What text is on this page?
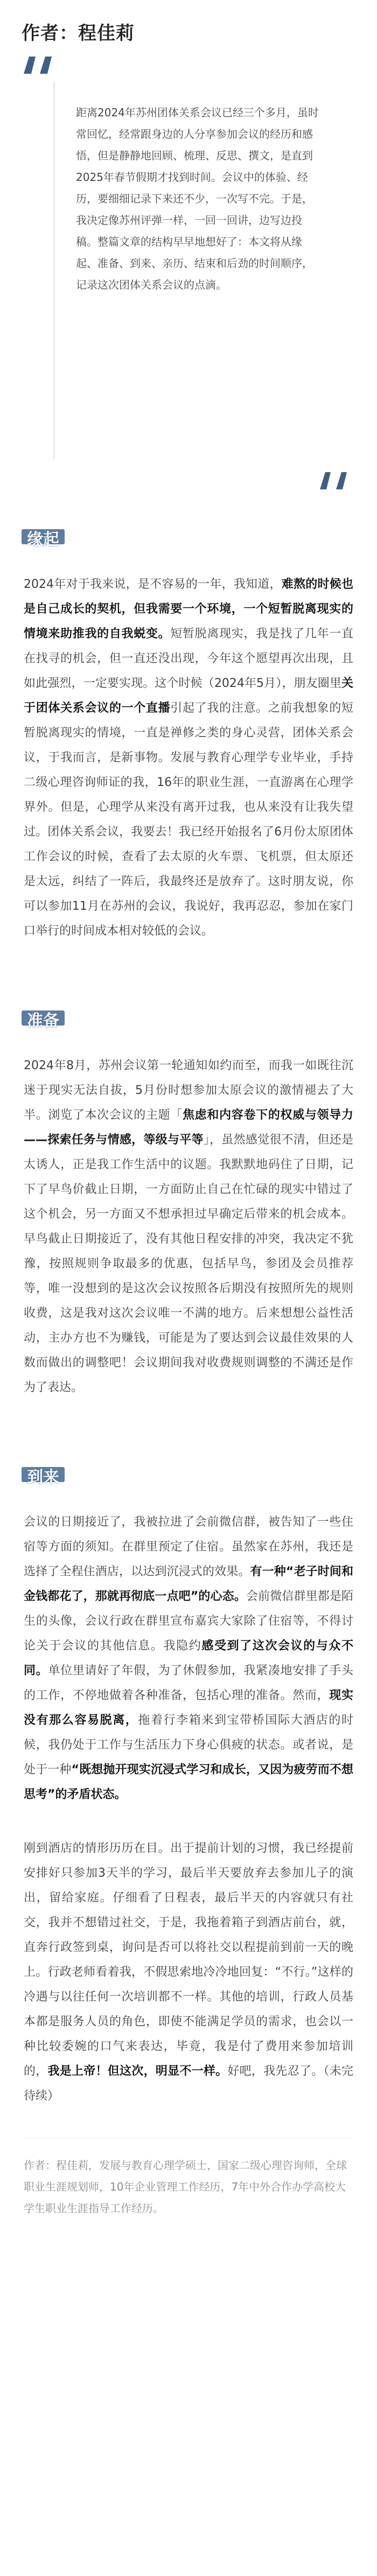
作者：程佳莉

距离2024年苏州团体关系会议已经三个多月，虽时常回忆，经常跟身边的人分享参加会议的经历和感悟，但是静静地回顾、梳理、反思、撰文，是直到2025年春节假期才找到时间。会议中的体验、经历，要细细记录下来还不少，一次写不完。于是，我决定像苏州评弹一样，一回一回讲，边写边投稿。整篇文章的结构早早地想好了：本文将从缘起、准备、到来、亲历、结束和后劲的时间顺序，记录这次团体关系会议的点滴。

缘起

2024年对于我来说，是不容易的一年，我知道，难熬的时候也是自己成长的契机，但我需要一个环境，一个短暂脱离现实的情境来助推我的自我蜕变。短暂脱离现实，我是找了几年一直在找寻的机会，但一直还没出现，今年这个愿望再次出现，且如此强烈，一定要实现。这个时候（2024年5月），朋友圈里关于团体关系会议的一个直播引起了我的注意。之前我想象的短暂脱离现实的情境，一直是禅修之类的身心灵营，团体关系会议，于我而言，是新事物。发展与教育心理学专业毕业，手持二级心理咨询师证的我，16年的职业生涯，一直游离在心理学界外。但是，心理学从来没有离开过我，也从来没有让我失望过。团体关系会议，我要去！我已经开始报名了6月份太原团体工作会议的时候，查看了去太原的火车票、飞机票，但太原还是太远，纠结了一阵后，我最终还是放弃了。这时朋友说，你可以参加11月在苏州的会议，我说好，我再忍忍，参加在家门口举行的时间成本相对较低的会议。

准备

2024年8月，苏州会议第一轮通知如约而至，而我一如既往沉迷于现实无法自拔，5月份时想参加太原会议的激情褪去了大半。浏览了本次会议的主题「焦虑和内容卷下的权威与领导力——探索任务与情感，等级与平等」，虽然感觉很不清，但还是太诱人，正是我工作生活中的议题。我默默地码住了日期，记下了早鸟价截止日期，一方面防止自己在忙碌的现实中错过了这个机会，另一方面又不想承担过早确定后带来的机会成本。早鸟截止日期接近了，没有其他日程安排的冲突，我决定不犹豫，按照规则争取最多的优惠，包括早鸟，参团及会员推荐等，唯一没想到的是这次会议按照各后期没有按照所先的规则收费，这是我对这次会议唯一不满的地方。后来想想公益性活动，主办方也不为赚钱，可能是为了要达到会议最佳效果的人数而做出的调整吧！会议期间我对收费规则调整的不满还是作为了表达。

到来

会议的日期接近了，我被拉进了会前微信群，被告知了一些住宿等方面的须知。在群里预定了住宿。虽然家在苏州，我还是选择了全程住酒店，以达到沉浸式的效果。有一种“老子时间和金钱都花了，那就再彻底一点吧”的心态。会前微信群里都是陌生的头像，会议行政在群里宣布嘉宾大家除了住宿等，不得讨论关于会议的其他信息。我隐约感受到了这次会议的与众不同。单位里请好了年假，为了休假参加，我紧凑地安排了手头的工作，不停地做着各种准备，包括心理的准备。然而，现实没有那么容易脱离，拖着行李箱来到宝带桥国际大酒店的时候，我仍处于工作与生活压力下身心俱疲的状态。或者说，是处于一种“既想抛开现实沉浸式学习和成长，又因为疲劳而不想思考”的矛盾状态。

刚到酒店的情形历历在目。出于提前计划的习惯，我已经提前安排好只参加3天半的学习，最后半天要放弃去参加儿子的演出，留给家庭。仔细看了日程表，最后半天的内容就只有社交，我并不想错过社交，于是，我拖着箱子到酒店前台，就，直奔行政签到桌，询问是否可以将社交以程提前到前一天的晚上。行政老师看着我，不假思索地冷冷地回复：“不行。”这样的冷遇与以往任何一次培训都不一样。其他的培训，行政人员基本都是服务人员的角色，即使不能满足学员的需求，也会以一种比较委婉的口气来表达，毕竟，我是付了费用来参加培训的，我是上帝！但这次，明显不一样。好吧，我先忍了。（未完待续）

作者：程佳莉，发展与教育心理学硕士，国家二级心理咨询师，全球职业生涯规划师，10年企业管理工作经历，7年中外合作办学高校大学生职业生涯指导工作经历。
